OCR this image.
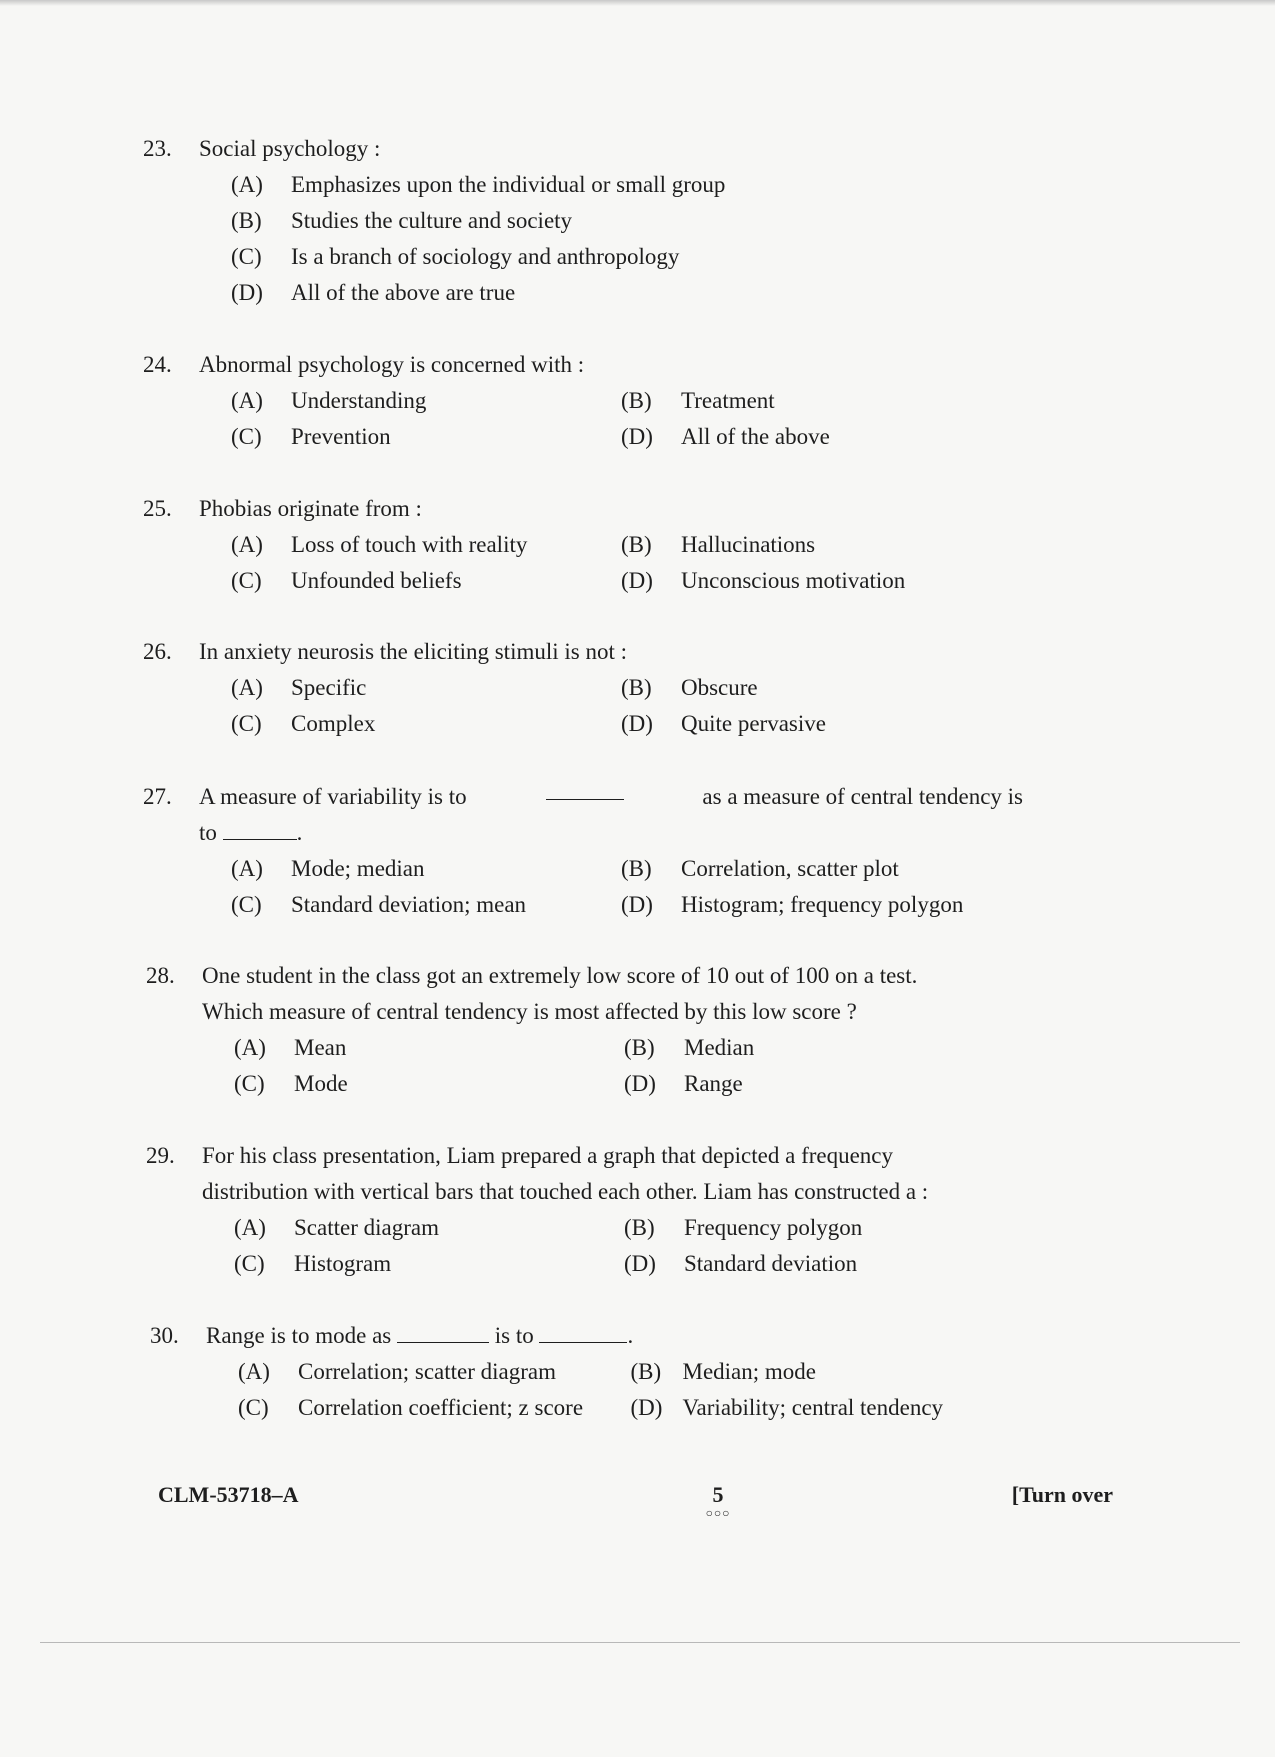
23.	Social psychology :
(A)	Emphasizes upon the individual or small group
(B)	Studies the culture and society
(C)	Is a branch of sociology and anthropology
(D)	All of the above are true
24.	Abnormal psychology is concerned with :
(A)	Understanding	(B)	Treatment
(C)	Prevention	(D)	All of the above
25.	Phobias originate from :
(A)	Loss of touch with reality	(B)	Hallucinations
(C)	Unfounded beliefs	(D)	Unconscious motivation
26.	In anxiety neurosis the eliciting stimuli is not :
(A)	Specific	(B)	Obscure
(C)	Complex	(D)	Quite pervasive
27.	A measure of variability is to	as a measure of central tendency is
to	.
(A)	Mode; median	(B)	Correlation, scatter plot
(C)	Standard deviation; mean	(D)	Histogram; frequency polygon
28.	One student in the class got an extremely low score of 10 out of 100 on a test.
Which measure of central tendency is most affected by this low score ?
(A)	Mean	(B)	Median
(C)	Mode	(D)	Range
29.	For his class presentation, Liam prepared a graph that depicted a frequency
distribution with vertical bars that touched each other. Liam has constructed a :
(A)	Scatter diagram	(B)	Frequency polygon
(C)	Histogram	(D)	Standard deviation
30.	Range is to mode as	is to	.
(A)	Correlation; scatter diagram	(B) Median; mode
(C)	Correlation coefficient; z score (D) Variability; central tendency
CLM-53718–A	5
○○○
[Turn over
